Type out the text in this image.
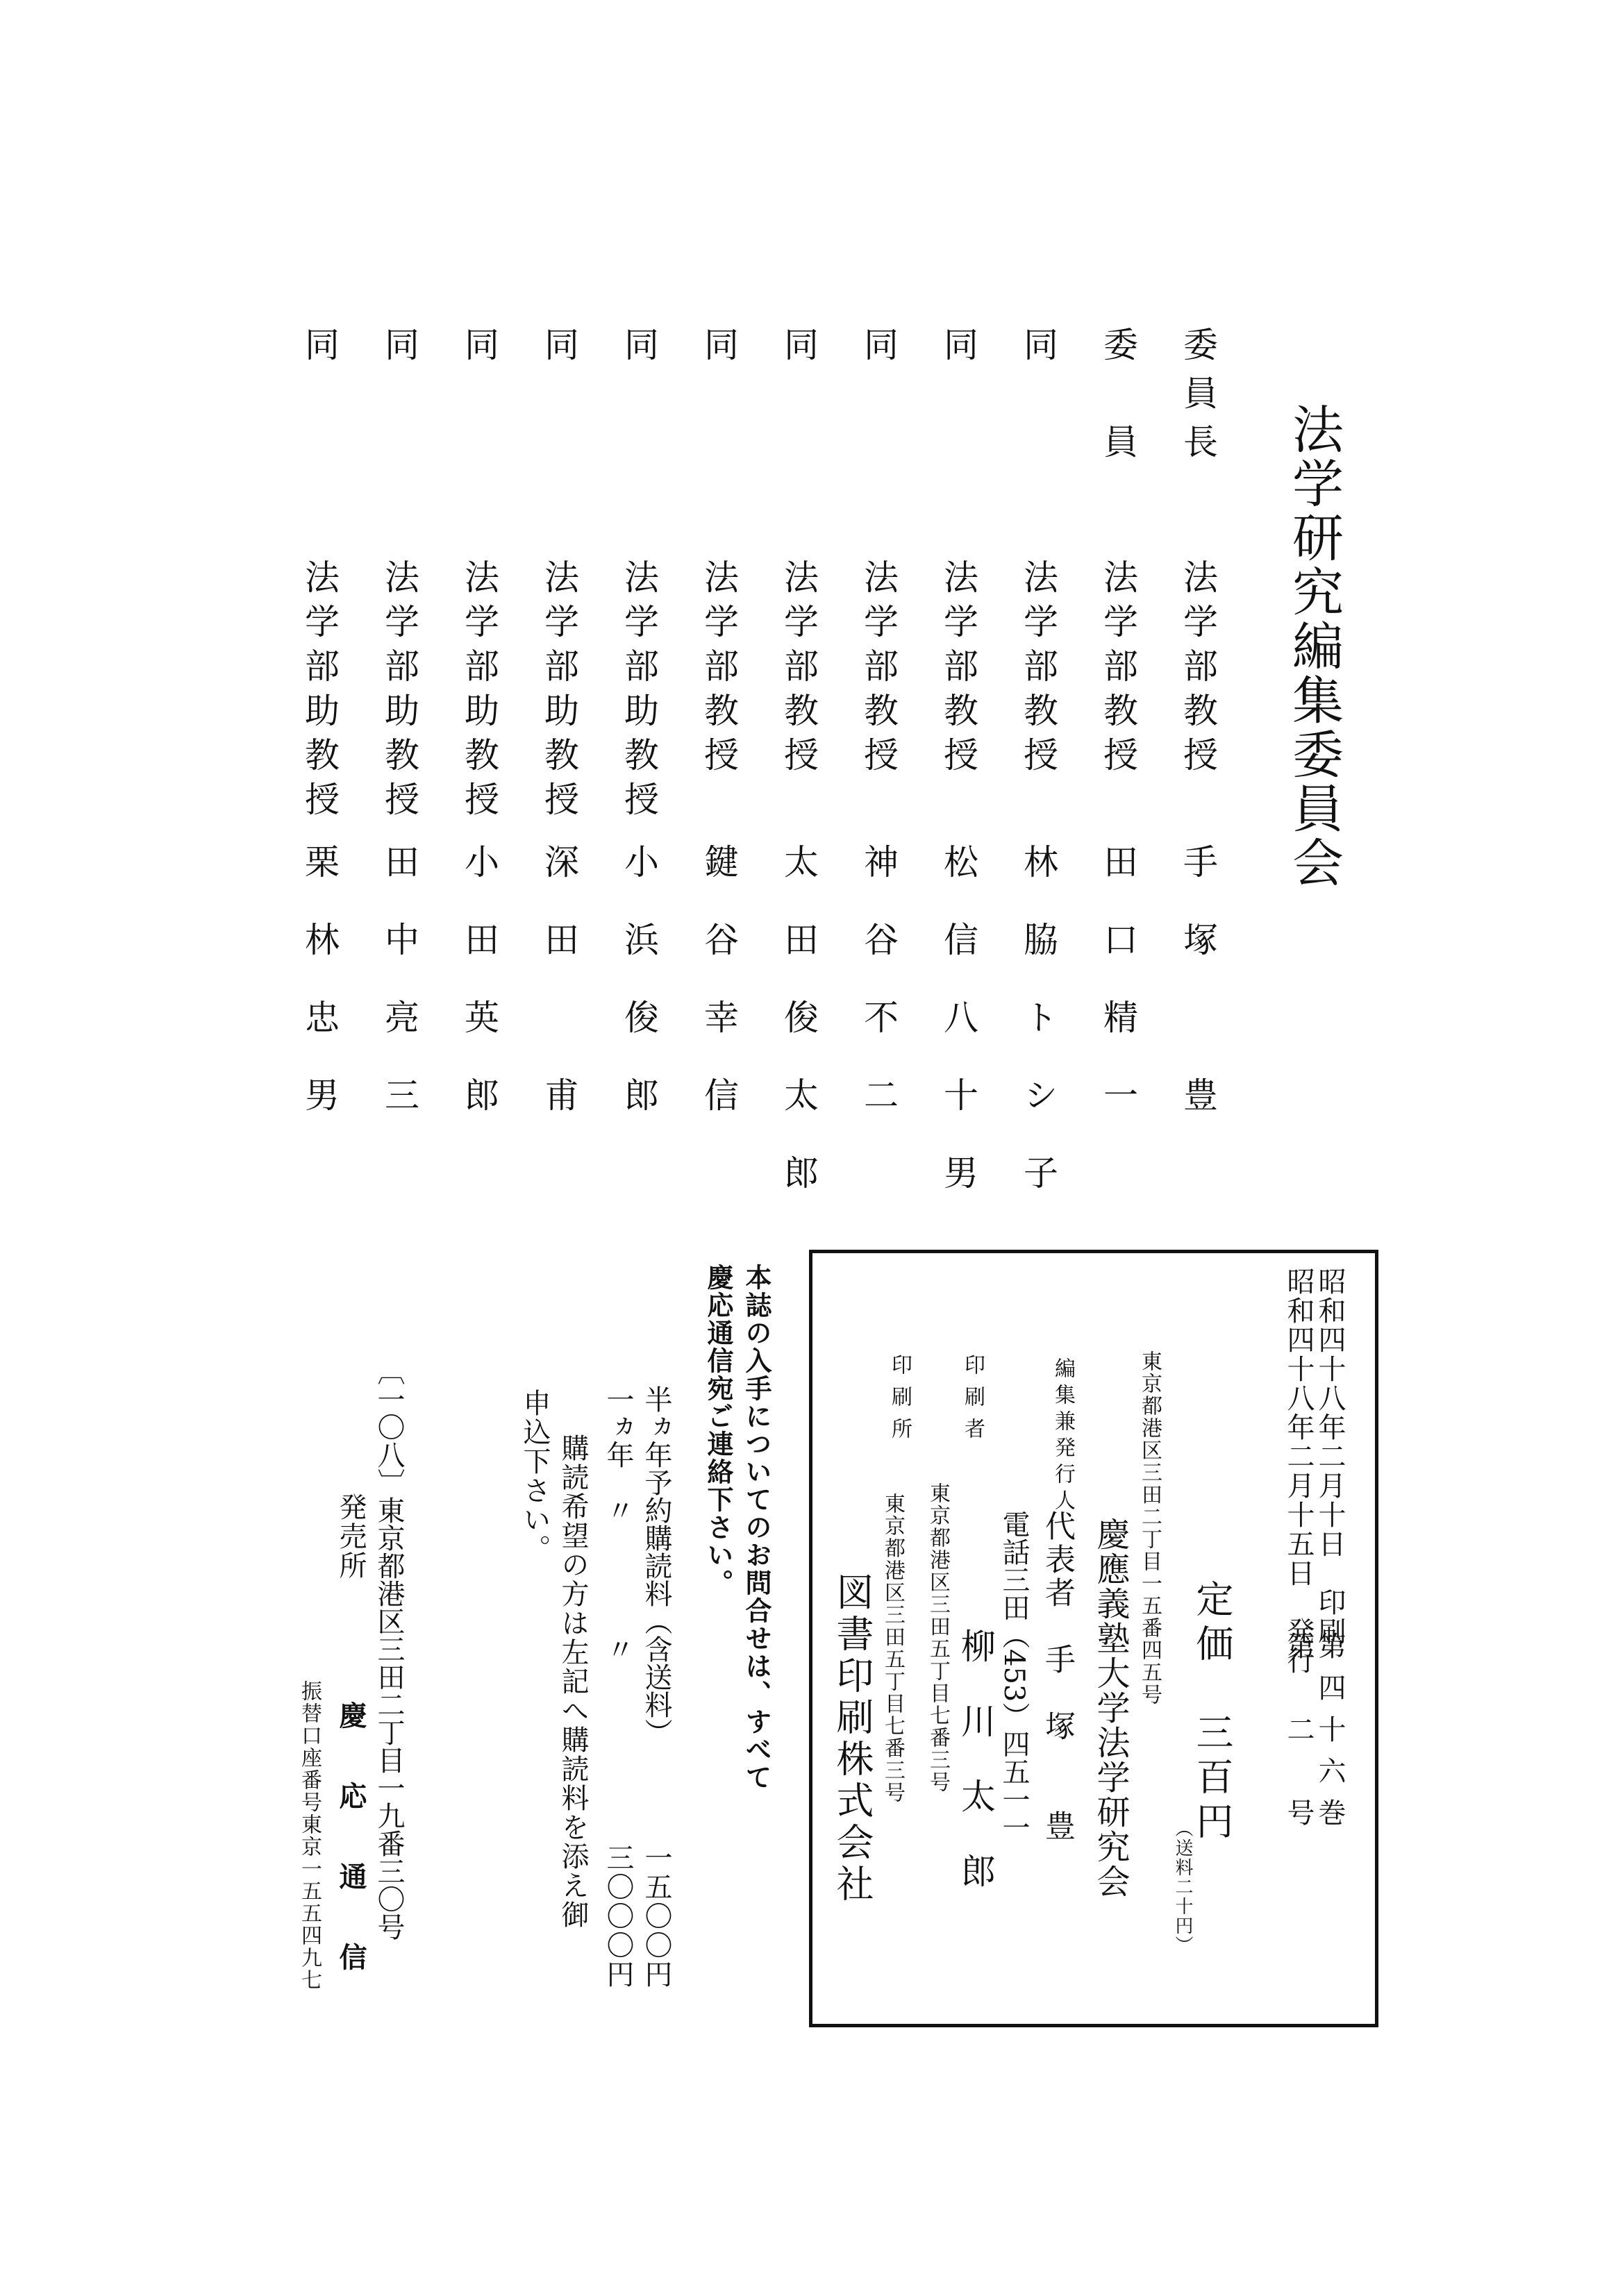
法学研究編集委員会
委員長
法学部教授
手塚　豊
委　員
法学部教授
田口精一
同
法学部教授
林脇トシ子
同
法学部教授
松信八十男
同
法学部教授
神谷不二
同
法学部教授
太田俊太郎
同
法学部教授
鍵谷幸信
同
法学部助教授
小浜俊郎
同
法学部助教授
深田　甫
同
法学部助教授
小田英郎
同
法学部助教授
田中亮三
同
法学部助教授
栗林忠男
昭和四十八年二月十日　印刷
昭和四十八年二月十五日　発行
第四十六巻
第　二　号
定価　三百円
（送料二十円）
東京都港区三田二丁目一五番四五号
慶應義塾大学法学研究会
編集兼発行人
代表者　手　塚　　豊
電話三田（453）四五一一
印刷者
東京都港区三田五丁目七番三号 柳　川　太　郎
印刷所
東京都港区三田五丁目七番三号
図書印刷株式会社
本誌の入手についてのお問合せは、すべて
慶応通信宛ご連絡下さい。
半ヵ年予約購読料（含送料）
一五〇〇円
一ヵ年　〃　　　　〃
三〇〇〇円
購読希望の方は左記へ購読料を添え御
申込下さい。
〔一〇八〕東京都港区三田二丁目一九番三〇号
発売所
慶　応　通　信
振替口座番号東京一五五四九七
